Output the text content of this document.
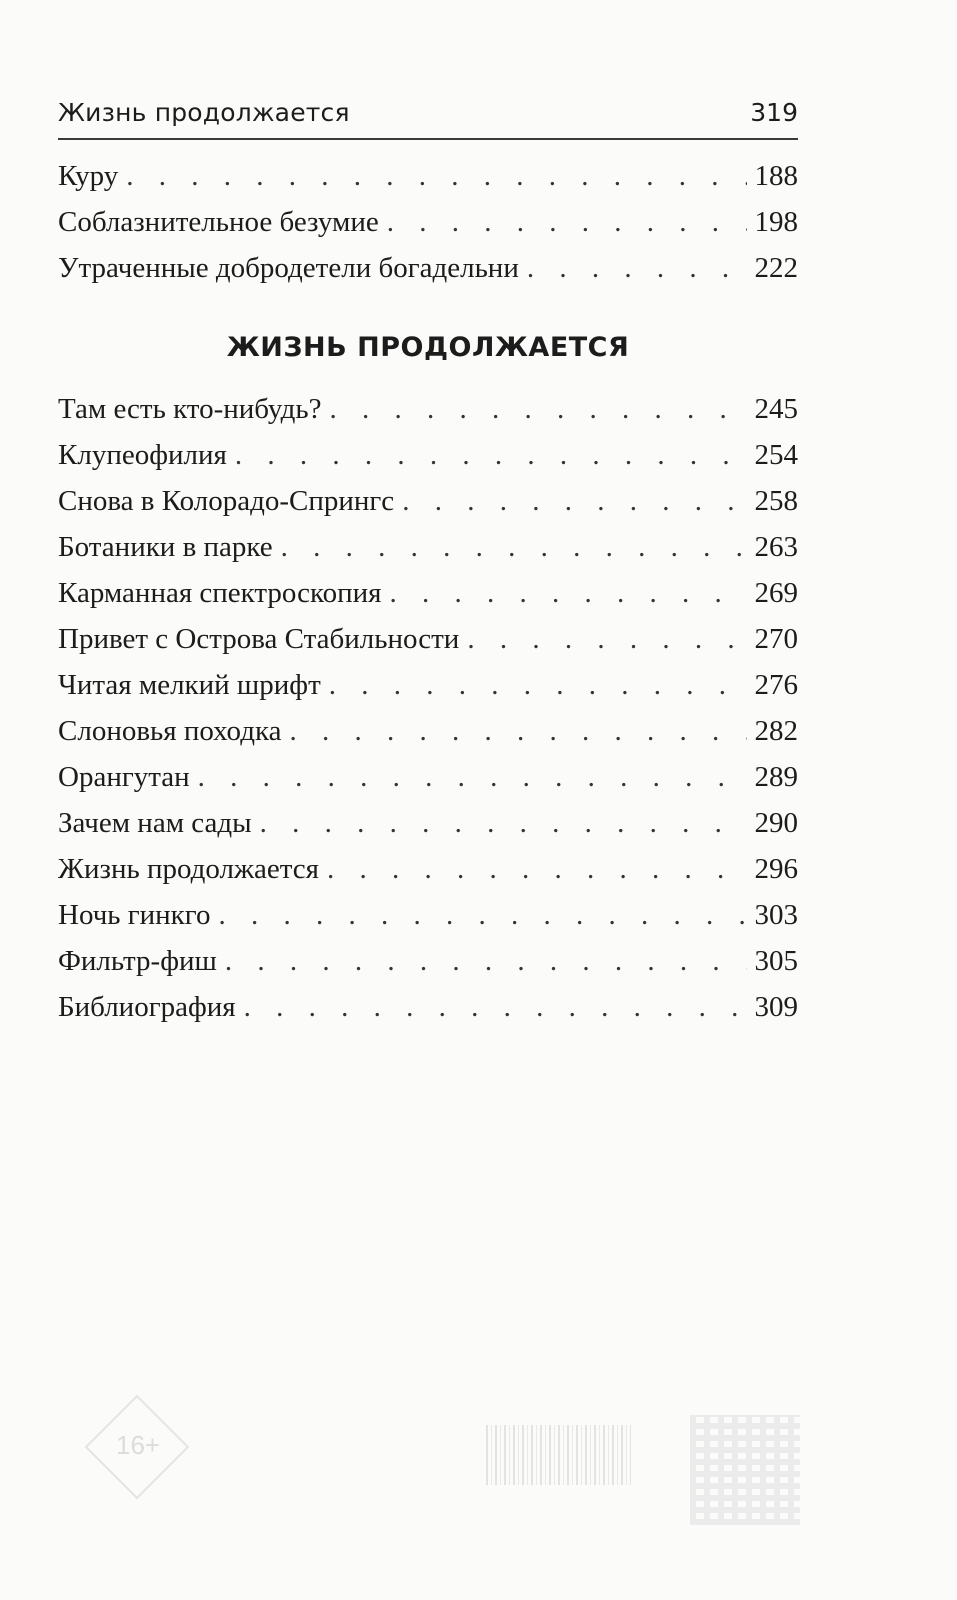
16+
Жизнь продолжается	319
Куру . . .	188
Соблазнительное безумие . . .	198
Утраченные добродетели богадельни . . .	222
ЖИЗНЬ ПРОДОЛЖАЕТСЯ
Там есть кто-нибудь? . . .	245
Клупеофилия . . .	254
Снова в Колорадо-Спрингс . . .	258
Ботаники в парке . . .	263
Карманная спектроскопия . . .	269
Привет с Острова Стабильности . . .	270
Читая мелкий шрифт . . .	276
Слоновья походка . . .	282
Орангутан . . .	289
Зачем нам сады . . .	290
Жизнь продолжается . . .	296
Ночь гинкго . . .	303
Фильтр-фиш . . .	305
Библиография . . .	309
